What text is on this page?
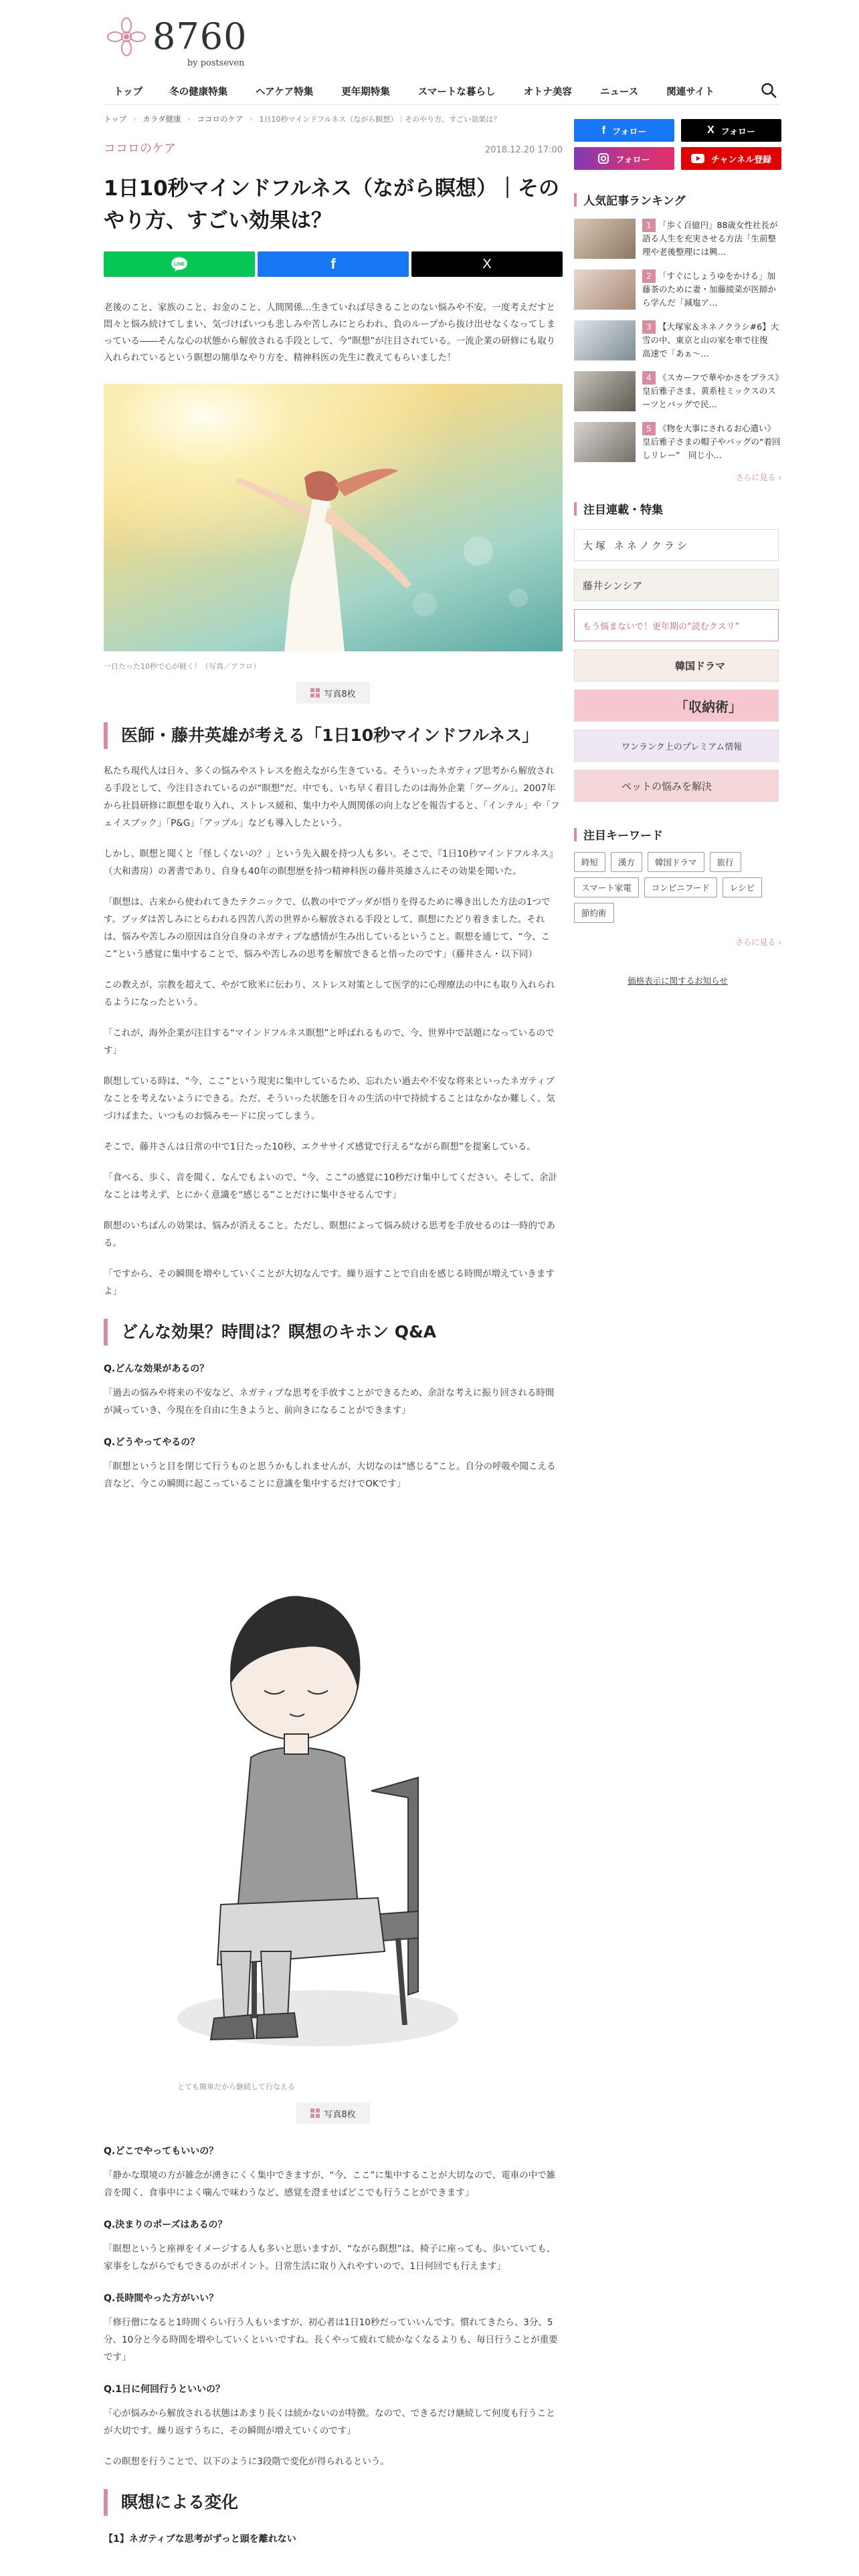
8760
by postseven
トップ	冬の健康特集	ヘアケア特集	更年期特集	スマートな暮らし	オトナ美容	ニュース	関連サイト
トップ › カラダ健康 › ココロのケア › 1日10秒マインドフルネス（ながら瞑想）｜そのやり方、すごい効果は？
ココロのケア	2018.12.20 17:00
1日10秒マインドフルネス（ながら瞑想）｜そのやり方、すごい効果は？
LINE	f	X

老後のこと、家族のこと、お金のこと、人間関係…生きていれば尽きることのない悩みや不安。一度考えだすと悶々と悩み続けてしまい、気づけばいつも悲しみや苦しみにとらわれ、負のループから抜け出せなくなってしまっている――そんな心の状態から解放される手段として、今“瞑想”が注目されている。一流企業の研修にも取り入れられているという瞑想の簡単なやり方を、精神科医の先生に教えてもらいました！

一日たった10秒で心が軽く！（写真／アフロ）
写真8枚
医師・藤井英雄が考える「1日10秒マインドフルネス」

私たち現代人は日々、多くの悩みやストレスを抱えながら生きている。そういったネガティブ思考から解放される手段として、今注目されているのが“瞑想”だ。中でも、いち早く着目したのは海外企業「グーグル」。2007年から社員研修に瞑想を取り入れ、ストレス緩和、集中力や人間関係の向上などを報告すると、「インテル」や「フェイスブック」「P&G」「アップル」なども導入したという。

しかし、瞑想と聞くと「怪しくないの？」という先入観を持つ人も多い。そこで、『1日10秒マインドフルネス』（大和書房）の著書であり、自身も40年の瞑想歴を持つ精神科医の藤井英雄さんにその効果を聞いた。

「瞑想は、古来から使われてきたテクニックで、仏教の中でブッダが悟りを得るために導き出した方法の1つです。ブッダは苦しみにとらわれる四苦八苦の世界から解放される手段として、瞑想にたどり着きました。それは、悩みや苦しみの原因は自分自身のネガティブな感情が生み出しているということ。瞑想を通じて、“今、ここ”という感覚に集中することで、悩みや苦しみの思考を解放できると悟ったのです」（藤井さん・以下同）

この教えが、宗教を超えて、やがて欧米に伝わり、ストレス対策として医学的に心理療法の中にも取り入れられるようになったという。

「これが、海外企業が注目する“マインドフルネス瞑想”と呼ばれるもので、今、世界中で話題になっているのです」

瞑想している時は、“今、ここ”という現実に集中しているため、忘れたい過去や不安な将来といったネガティブなことを考えないようにできる。ただ、そういった状態を日々の生活の中で持続することはなかなか難しく、気づけばまた、いつものお悩みモードに戻ってしまう。

そこで、藤井さんは日常の中で1日たった10秒、エクササイズ感覚で行える“ながら瞑想”を提案している。

「食べる、歩く、音を聞く、なんでもよいので、“今、ここ”の感覚に10秒だけ集中してください。そして、余計なことは考えず、とにかく意識を“感じる”ことだけに集中させるんです」

瞑想のいちばんの効果は、悩みが消えること。ただし、瞑想によって悩み続ける思考を手放せるのは一時的である。

「ですから、その瞬間を増やしていくことが大切なんです。繰り返すことで自由を感じる時間が増えていきますよ」

どんな効果？時間は？瞑想のキホン Q&A

Q.どんな効果があるの？

「過去の悩みや将来の不安など、ネガティブな思考を手放すことができるため、余計な考えに振り回される時間が減っていき、今現在を自由に生きようと、前向きになることができます」

Q.どうやってやるの？

「瞑想というと目を閉じて行うものと思うかもしれませんが、大切なのは“感じる”こと。自分の呼吸や聞こえる音など、今この瞬間に起こっていることに意識を集中するだけでOKです」

とても簡単だから継続して行なえる
写真8枚

Q.どこでやってもいいの？

「静かな環境の方が雑念が湧きにくく集中できますが、“今、ここ”に集中することが大切なので、電車の中で雑音を聞く、食事中によく噛んで味わうなど、感覚を澄ませばどこでも行うことができます」

Q.決まりのポーズはあるの？

「瞑想というと座禅をイメージする人も多いと思いますが、“ながら瞑想”は、椅子に座っても、歩いていても、家事をしながらでもできるのがポイント。日常生活に取り入れやすいので、1日何回でも行えます」

Q.長時間やった方がいい？

「修行僧になると1時間くらい行う人もいますが、初心者は1日10秒だっていいんです。慣れてきたら、3分、5分、10分と今る時間を増やしていくといいですね。長くやって疲れて続かなくなるよりも、毎日行うことが重要です」

Q.1日に何回行うといいの？

「心が悩みから解放される状態はあまり長くは続かないのが特徴。なので、できるだけ継続して何度も行うことが大切です。繰り返すうちに、その瞬間が増えていくのです」

この瞑想を行うことで、以下のように3段階で変化が得られるという。

瞑想による変化

【1】ネガティブな思考がずっと頭を離れない

f フォロー	X フォロー
フォロー	チャンネル登録
人気記事ランキング
1 「歩く百億円」88歳女性社長が語る人生を充実させる方法「生前整理や老後整理には興…
2 「すぐにしょうゆをかける」加藤茶のために妻・加藤綾菜が医師から学んだ「減塩ア…
3 【大塚家＆ネネノクラシ#6】大雪の中、東京と山の家を車で往復　高速で「あぁ～…
4 《スカーフで華やかさをプラス》皇后雅子さま、黄系柱ミックスのスーツとバッグで民…
5 《物を大事にされるお心遣い》皇后雅子さまの帽子やバッグの“着回しリレー”　同じ小…
さらに見る ›
注目連載・特集
大塚 ネネノクラシ
藤井シンシア
もう悩まないで！更年期の“読むクスリ”
韓国ドラマ
「収納術」
ワンランク上のプレミアム情報
ペットの悩みを解決
注目キーワード
時短	漢方	韓国ドラマ	旅行
スマート家電	コンビニフード	レシピ
節約術
さらに見る ›
価格表示に関するお知らせ
